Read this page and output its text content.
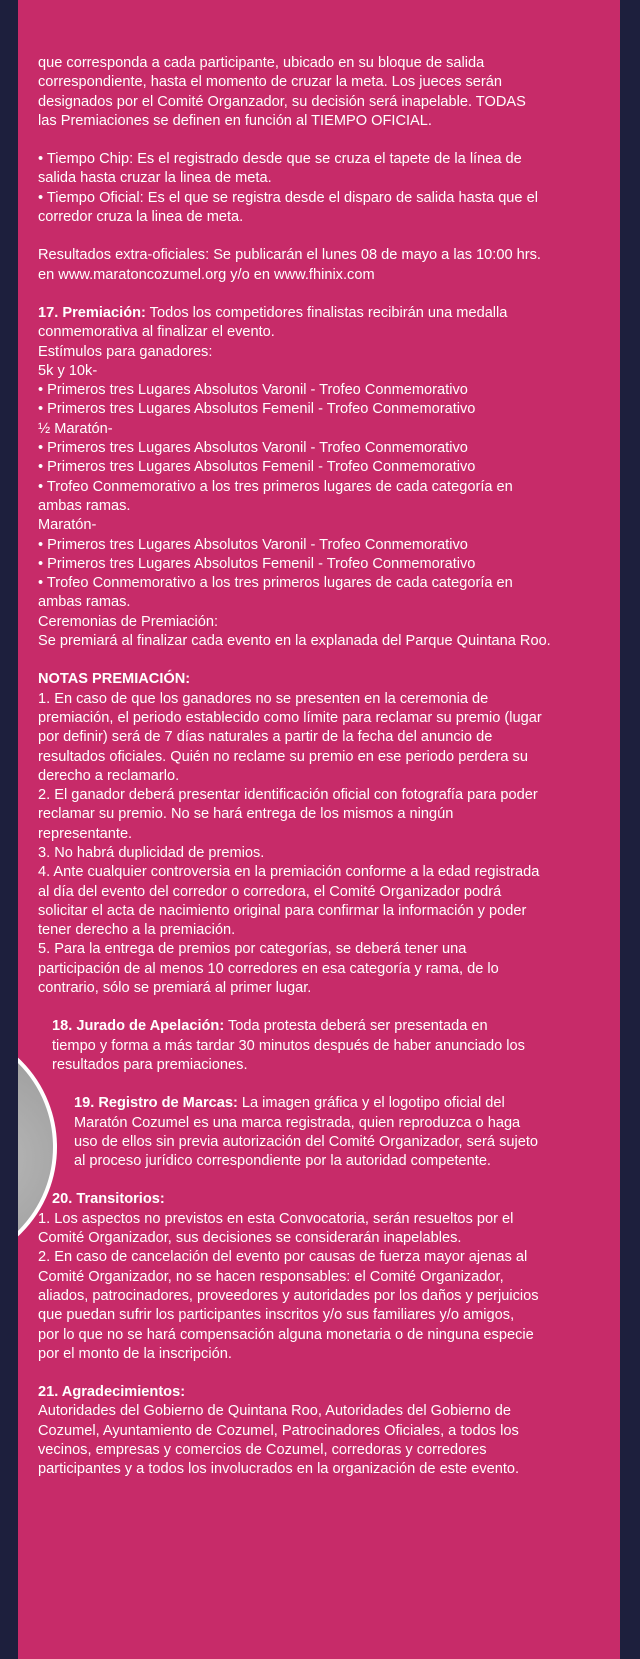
que corresponda a cada participante, ubicado en su bloque de salida
correspondiente, hasta el momento de cruzar la meta. Los jueces serán
designados por el Comité Organzador, su decisión será inapelable. TODAS
las Premiaciones se definen en función al TIEMPO OFICIAL.

• Tiempo Chip: Es el registrado desde que se cruza el tapete de la línea de
salida hasta cruzar la linea de meta.

• Tiempo Oficial: Es el que se registra desde el disparo de salida hasta que el
corredor cruza la linea de meta.

Resultados extra-oficiales: Se publicarán el lunes 08 de mayo a las 10:00 hrs.
en www.maratoncozumel.org y/o en www.fhinix.com

17. Premiación: Todos los competidores finalistas recibirán una medalla
conmemorativa al finalizar el evento.

Estímulos para ganadores:

5k y 10k-

• Primeros tres Lugares Absolutos Varonil - Trofeo Conmemorativo

• Primeros tres Lugares Absolutos Femenil - Trofeo Conmemorativo

½ Maratón-

• Primeros tres Lugares Absolutos Varonil - Trofeo Conmemorativo

• Primeros tres Lugares Absolutos Femenil - Trofeo Conmemorativo

• Trofeo Conmemorativo a los tres primeros lugares de cada categoría en
ambas ramas.

Maratón-

• Primeros tres Lugares Absolutos Varonil - Trofeo Conmemorativo

• Primeros tres Lugares Absolutos Femenil - Trofeo Conmemorativo

• Trofeo Conmemorativo a los tres primeros lugares de cada categoría en
ambas ramas.

Ceremonias de Premiación:

Se premiará al finalizar cada evento en la explanada del Parque Quintana Roo.

NOTAS PREMIACIÓN:

1. En caso de que los ganadores no se presenten en la ceremonia de
premiación, el periodo establecido como límite para reclamar su premio (lugar
por definir) será de 7 días naturales a partir de la fecha del anuncio de
resultados oficiales. Quién no reclame su premio en ese periodo perdera su
derecho a reclamarlo.

2. El ganador deberá presentar identificación oficial con fotografía para poder
reclamar su premio. No se hará entrega de los mismos a ningún
representante.

3. No habrá duplicidad de premios.

4. Ante cualquier controversia en la premiación conforme a la edad registrada
al día del evento del corredor o corredora, el Comité Organizador podrá
solicitar el acta de nacimiento original para confirmar la información y poder
tener derecho a la premiación.

5. Para la entrega de premios por categorías, se deberá tener una
participación de al menos 10 corredores en esa categoría y rama, de lo
contrario, sólo se premiará al primer lugar.

18. Jurado de Apelación: Toda protesta deberá ser presentada en
tiempo y forma a más tardar 30 minutos después de haber anunciado los
resultados para premiaciones.

19. Registro de Marcas: La imagen gráfica y el logotipo oficial del
Maratón Cozumel es una marca registrada, quien reproduzca o haga
uso de ellos sin previa autorización del Comité Organizador, será sujeto
al proceso jurídico correspondiente por la autoridad competente.

20. Transitorios:

1. Los aspectos no previstos en esta Convocatoria, serán resueltos por el
Comité Organizador, sus decisiones se considerarán inapelables.

2. En caso de cancelación del evento por causas de fuerza mayor ajenas al
Comité Organizador, no se hacen responsables: el Comité Organizador,
aliados, patrocinadores, proveedores y autoridades por los daños y perjuicios
que puedan sufrir los participantes inscritos y/o sus familiares y/o amigos,
por lo que no se hará compensación alguna monetaria o de ninguna especie
por el monto de la inscripción.

21. Agradecimientos:

Autoridades del Gobierno de Quintana Roo, Autoridades del Gobierno de
Cozumel, Ayuntamiento de Cozumel, Patrocinadores Oficiales, a todos los
vecinos, empresas y comercios de Cozumel, corredoras y corredores
participantes y a todos los involucrados en la organización de este evento.
